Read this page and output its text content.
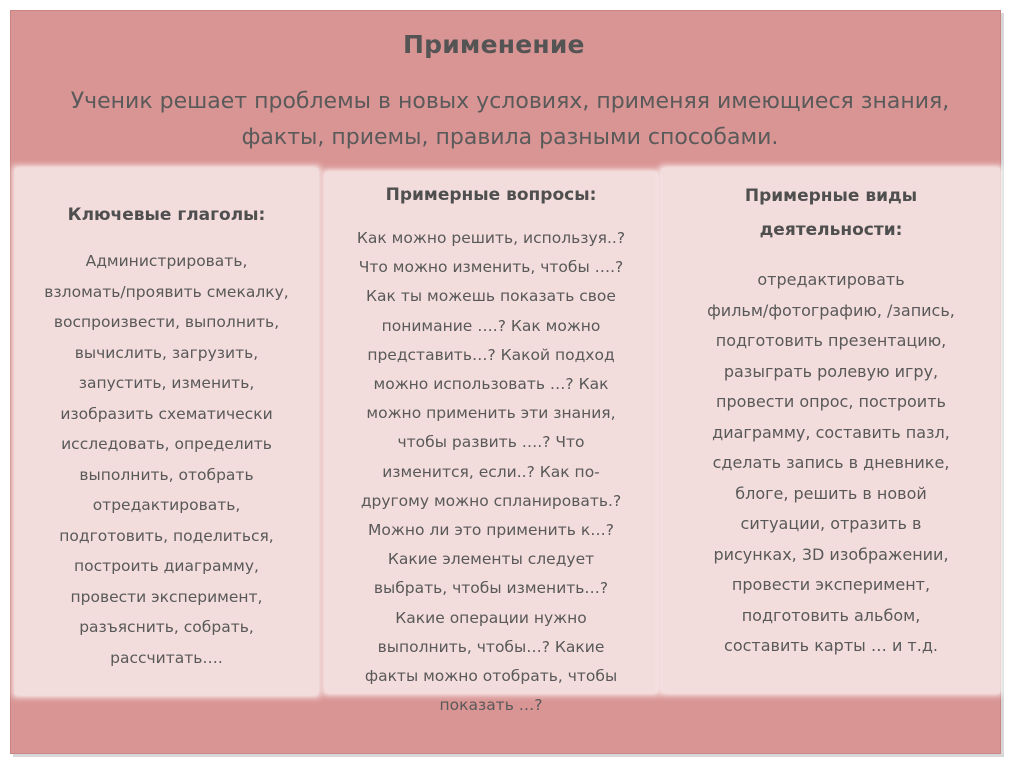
Применение
Ученик решает проблемы в новых условиях, применяя имеющиеся знания, факты, приемы, правила разными способами.
Ключевые глаголы:
Администрировать,
взломать/проявить смекалку,
воспроизвести, выполнить,
вычислить, загрузить,
запустить, изменить,
изобразить схематически
исследовать, определить
выполнить, отобрать
отредактировать,
подготовить, поделиться,
построить диаграмму,
провести эксперимент,
разъяснить, собрать,
рассчитать….
Примерные вопросы:
Как можно решить, используя..?
Что можно изменить, чтобы ….?
Как ты можешь показать свое
понимание ….? Как можно
представить…? Какой подход
можно использовать …? Как
можно применить эти знания,
чтобы развить ….? Что
изменится, если..? Как по-
другому можно спланировать.?
Можно ли это применить к…?
Какие элементы следует
выбрать, чтобы изменить…?
Какие операции нужно
выполнить, чтобы…? Какие
факты можно отобрать, чтобы
показать …?
Примерные виды
деятельности:
отредактировать
фильм/фотографию, /запись,
подготовить презентацию,
разыграть ролевую игру,
провести опрос, построить
диаграмму, составить пазл,
сделать запись в дневнике,
блоге, решить в новой
ситуации, отразить в
рисунках, 3D изображении,
провести эксперимент,
подготовить альбом,
составить карты … и т.д.
